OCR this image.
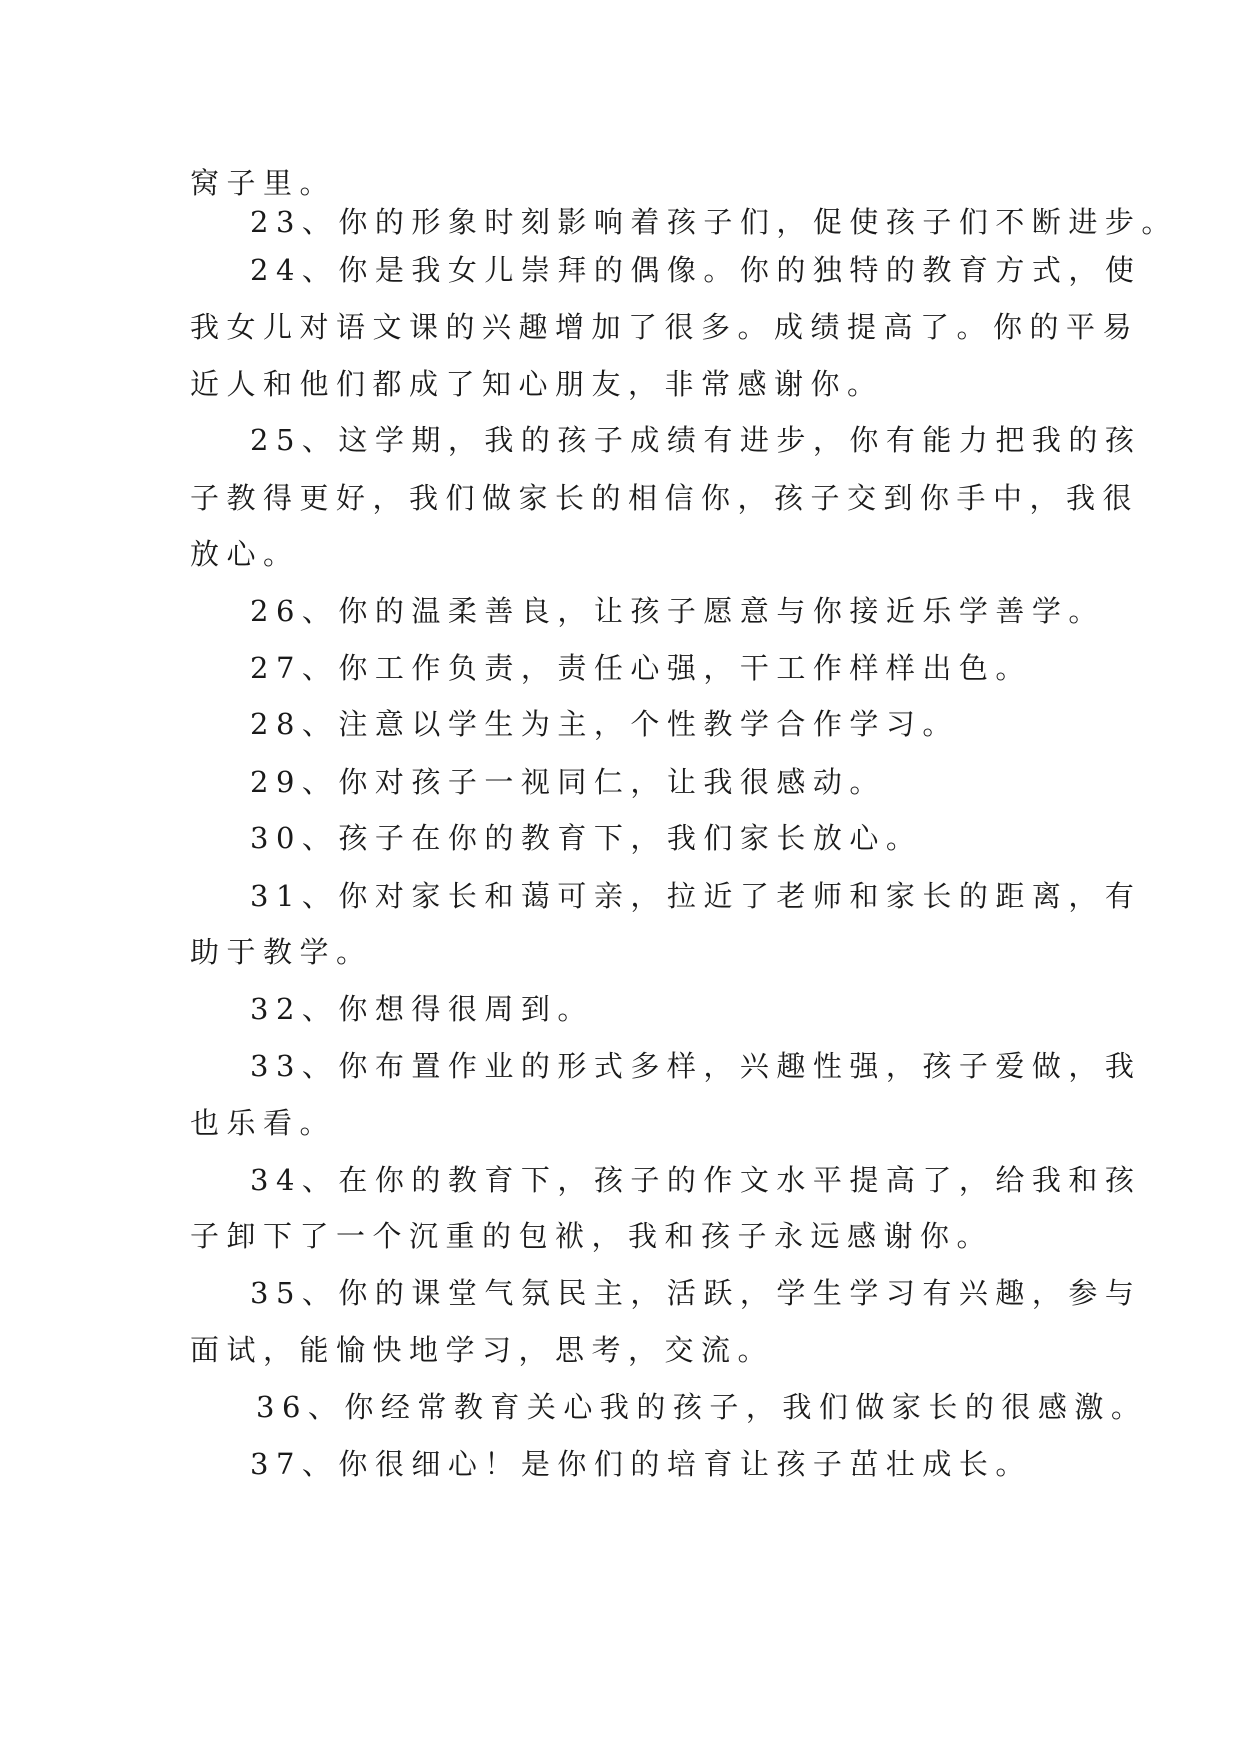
窝子里。
23、你的形象时刻影响着孩子们，促使孩子们不断进步。
24、你是我女儿崇拜的偶像。你的独特的教育方式，使
我女儿对语文课的兴趣增加了很多。成绩提高了。你的平易
近人和他们都成了知心朋友，非常感谢你。
25、这学期，我的孩子成绩有进步，你有能力把我的孩
子教得更好，我们做家长的相信你，孩子交到你手中，我很
放心。
26、你的温柔善良，让孩子愿意与你接近乐学善学。
27、你工作负责，责任心强，干工作样样出色。
28、注意以学生为主，个性教学合作学习。
29、你对孩子一视同仁，让我很感动。
30、孩子在你的教育下，我们家长放心。
31、你对家长和蔼可亲，拉近了老师和家长的距离，有
助于教学。
32、你想得很周到。
33、你布置作业的形式多样，兴趣性强，孩子爱做，我
也乐看。
34、在你的教育下，孩子的作文水平提高了，给我和孩
子卸下了一个沉重的包袱，我和孩子永远感谢你。
35、你的课堂气氛民主，活跃，学生学习有兴趣，参与
面试，能愉快地学习，思考，交流。
36、你经常教育关心我的孩子，我们做家长的很感激。
37、你很细心！是你们的培育让孩子茁壮成长。
